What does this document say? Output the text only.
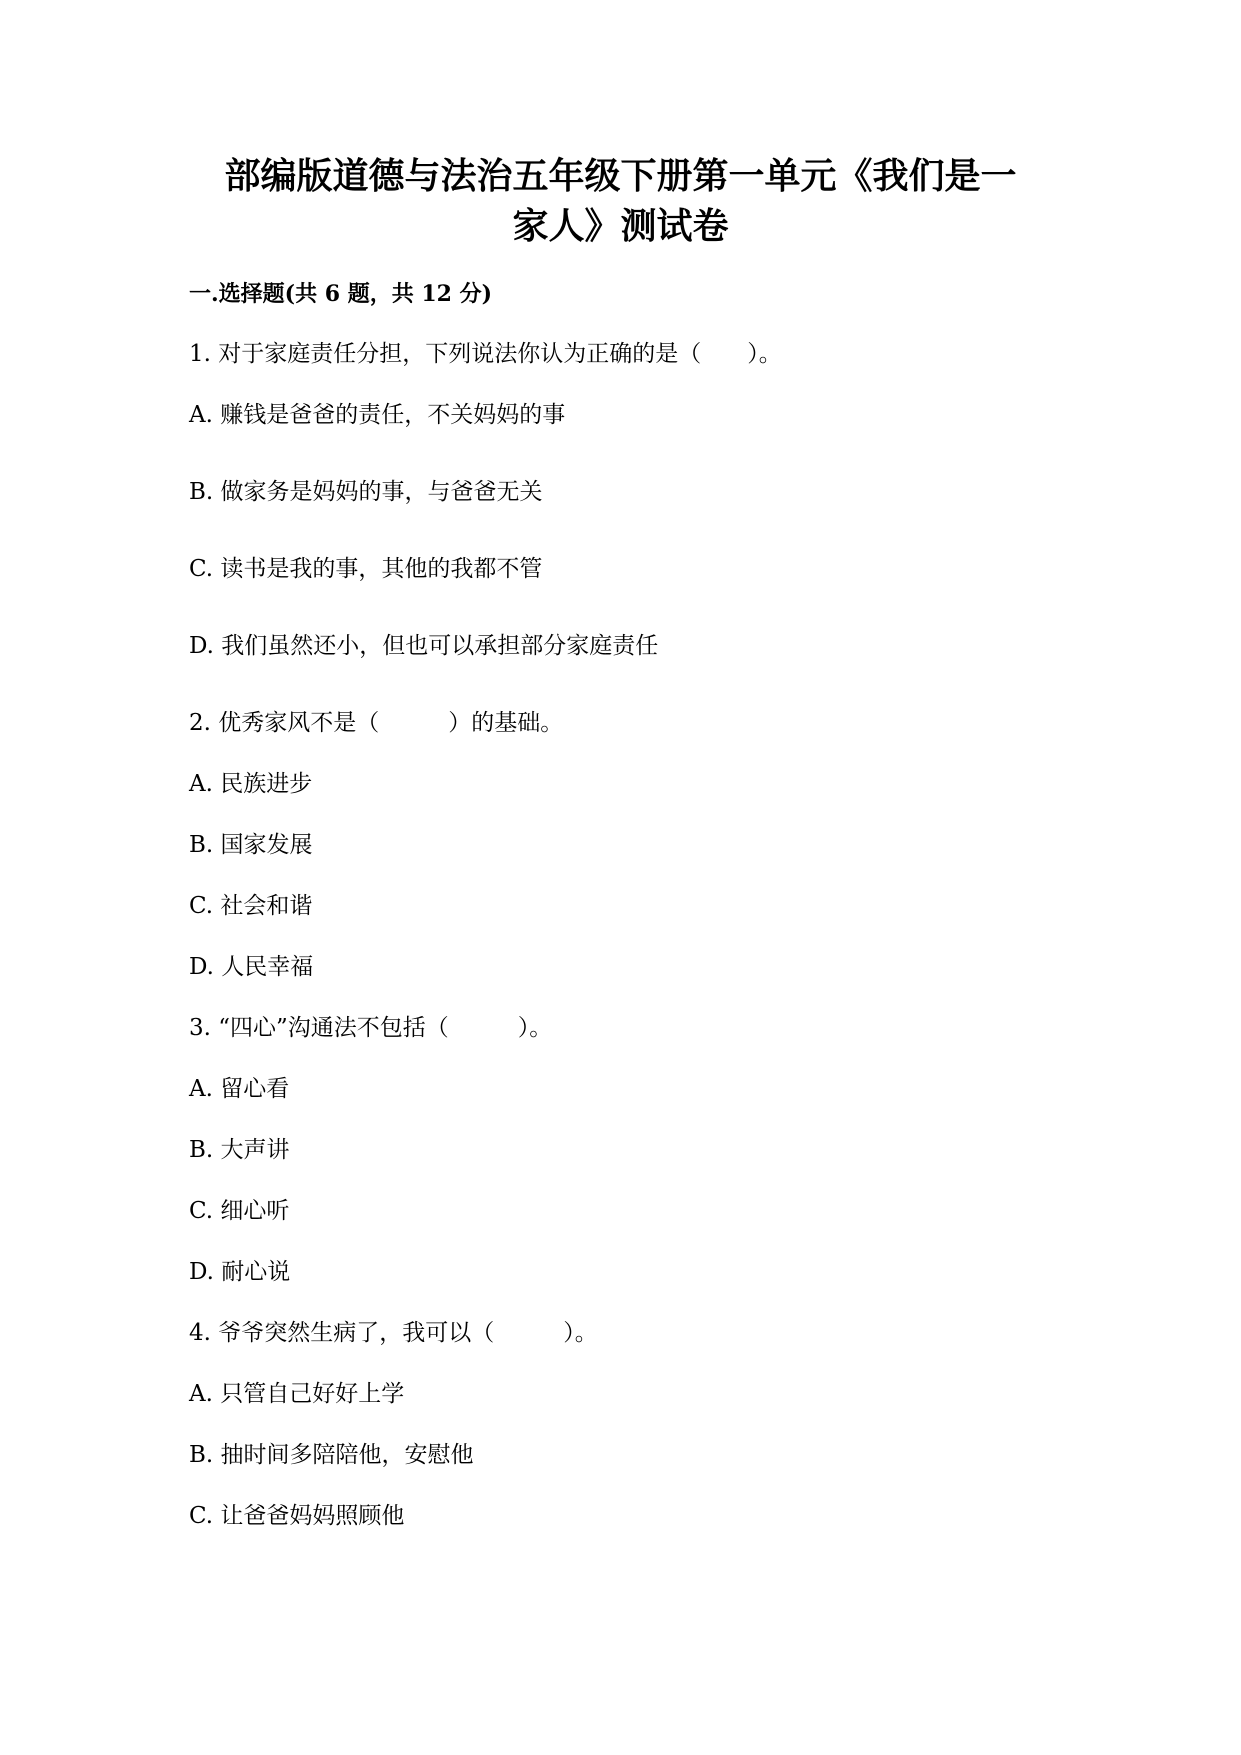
部编版道德与法治五年级下册第一单元《我们是一
家人》测试卷
一.选择题(共 6 题，共 12 分)
1. 对于家庭责任分担，下列说法你认为正确的是（　　）。
A. 赚钱是爸爸的责任，不关妈妈的事
B. 做家务是妈妈的事，与爸爸无关
C. 读书是我的事，其他的我都不管
D. 我们虽然还小，但也可以承担部分家庭责任
2. 优秀家风不是（　　　）的基础。
A. 民族进步
B. 国家发展
C. 社会和谐
D. 人民幸福
3. “四心”沟通法不包括（　　　）。
A. 留心看
B. 大声讲
C. 细心听
D. 耐心说
4. 爷爷突然生病了，我可以（　　　）。
A. 只管自己好好上学
B. 抽时间多陪陪他，安慰他
C. 让爸爸妈妈照顾他
